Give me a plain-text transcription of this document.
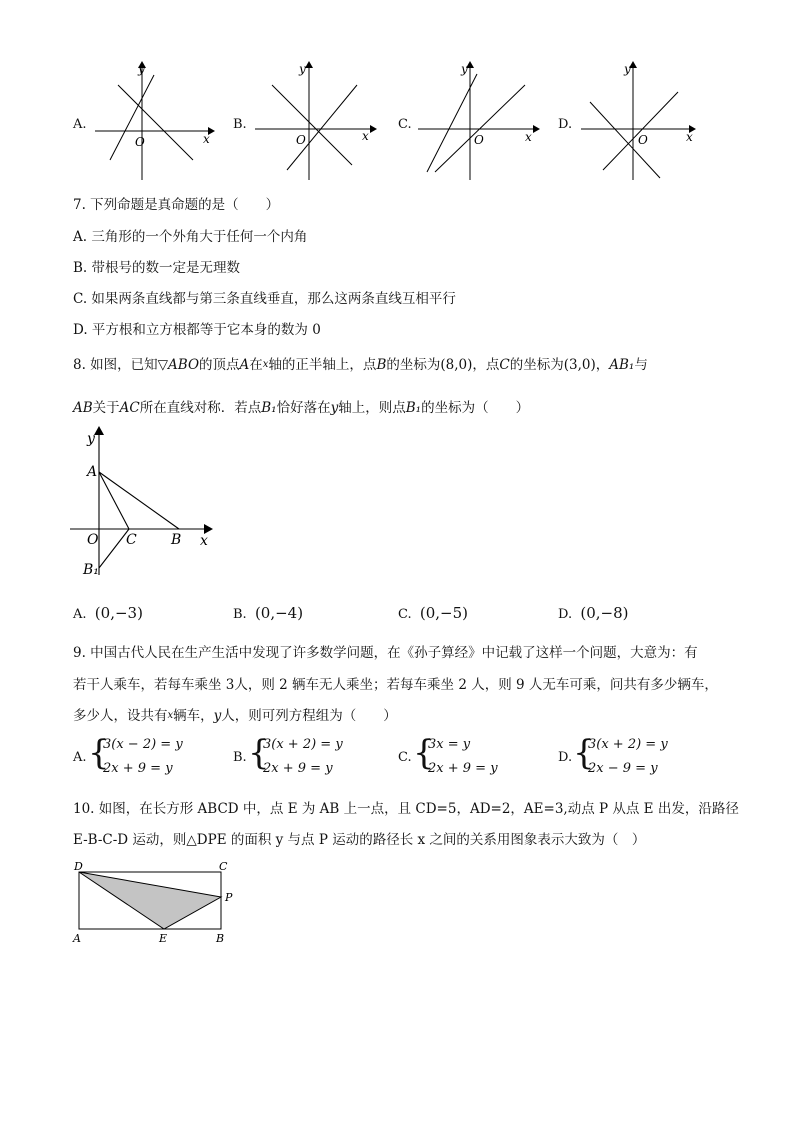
A.
y
x
O
B.
y
x
O
C.
y
x
O
D.
y
x
O
7. 下列命题是真命题的是（　　）
A. 三角形的一个外角大于任何一个内角
B. 带根号的数一定是无理数
C. 如果两条直线都与第三条直线垂直，那么这两条直线互相平行
D. 平方根和立方根都等于它本身的数为 0
8. 如图，已知▽ABO的顶点A在x轴的正半轴上，点B的坐标为(8,0)，点C的坐标为(3,0)，AB₁与
AB关于AC所在直线对称．若点B₁恰好落在y轴上，则点B₁的坐标为（　　）
y
x
A
O C B
B₁
A. (0,−3)	B. (0,−4)	C. (0,−5)	D. (0,−8)
9. 中国古代人民在生产生活中发现了许多数学问题，在《孙子算经》中记载了这样一个问题，大意为：有
若干人乘车，若每车乘坐 3人，则 2 辆车无人乘坐；若每车乘坐 2 人，则 9 人无车可乘，问共有多少辆车，
多少人，设共有x辆车，y人，则可列方程组为（　　）
A. {
3(x − 2) = y
2x + 9 = y
B. {
3(x + 2) = y
2x + 9 = y
C. {
3x = y
2x + 9 = y
D. {
3(x + 2) = y
2x − 9 = y
10. 如图，在长方形 ABCD 中，点 E 为 AB 上一点，且 CD=5，AD=2，AE=3,动点 P 从点 E 出发，沿路径
E-B-C-D 运动，则△DPE 的面积 y 与点 P 运动的路径长 x 之间的关系用图象表示大致为（　）
D	C
P
A	E	B
